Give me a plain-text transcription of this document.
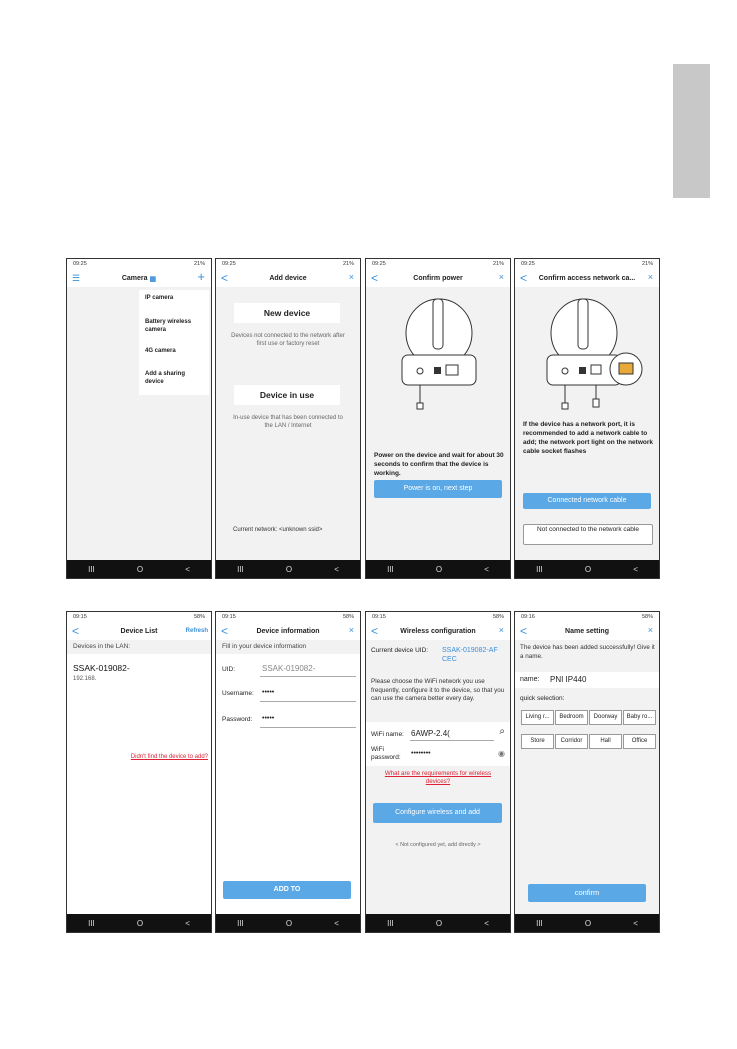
09:25	21%
☰	Camera ▦	+
IP camera
Battery wireless camera
4G camera
Add a sharing device
III	O	<
09:25	21%
<	Add device	×
New device
Devices not connected to the network after first use or factory reset
Device in use
In-use device that has been connected to the LAN / Internet
Current network: <unknown ssid>
III	O	<
09:25	21%
<	Confirm power	×
Power on the device and wait for about 30 seconds to confirm that the device is working.
Power is on, next step
III	O	<
09:25	21%
< Confirm access network ca... ×
If the device has a network port, it is recommended to add a network cable to add; the network port light on the network cable socket flashes
Connected network cable
Not connected to the network cable
III	O	<
09:15	58%
<	Device List	Refresh
Devices in the LAN:
SSAK-019082-
192.168.
Didn't find the device to add?
III	O	<
09:15	58%
<	Device information	×
Fill in your device information
UID:	SSAK-019082-
Username: •••••
Password: •••••
ADD TO
III	O	<
09:15	58%
<	Wireless configuration	×
Current device UID: SSAK-019082-AF CEC
Please choose the WiFi network you use frequently, configure it to the device, so that you can use the camera better every day.
WiFi name: 6AWP-2.4(	⌕
WiFi password:
••••••••	◉
What are the requirements for wireless devices?
Configure wireless and add
< Not configured yet, add directly >
III	O	<
09:16	58%
<	Name setting	×
The device has been added successfully! Give it a name.
name: PNI IP440
quick selection:
Living r...	Bedroom	Doorway	Baby ro...
Store	Corridor	Hall	Office
confirm
III	O	<
